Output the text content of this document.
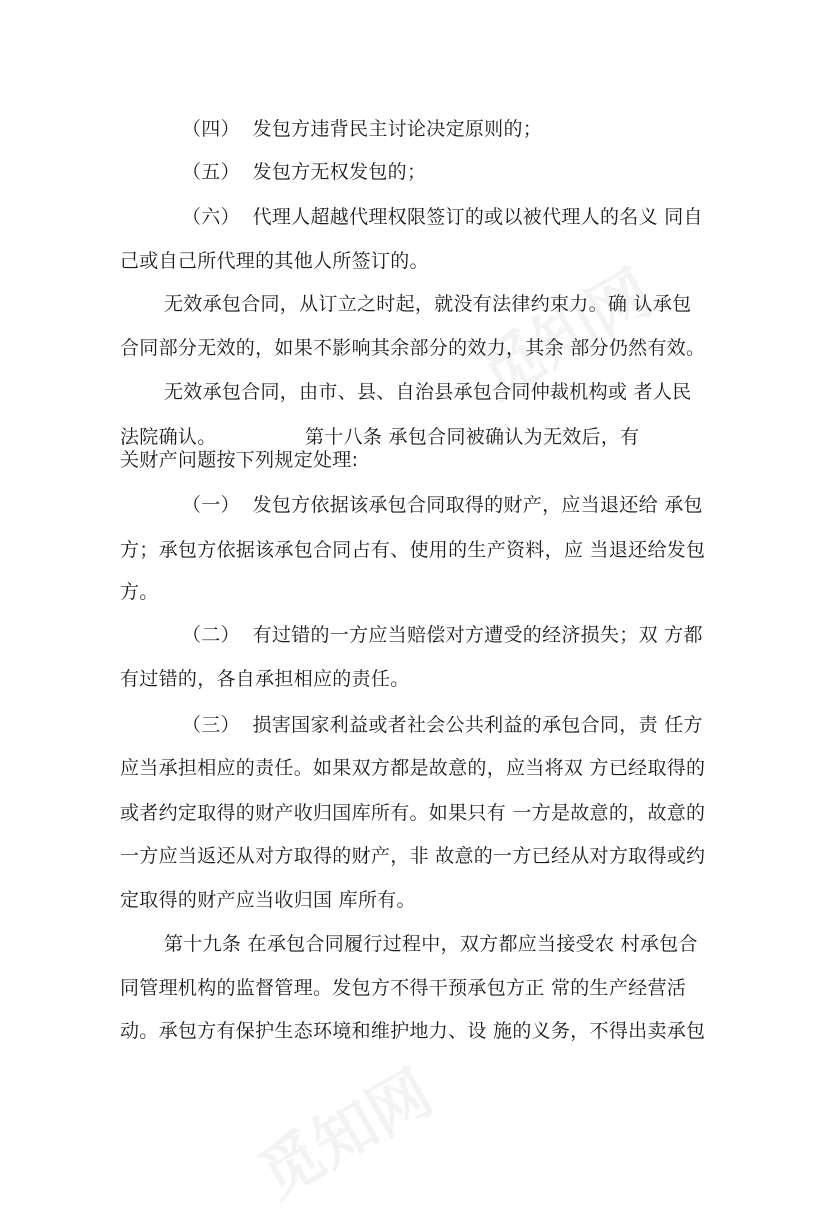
（四）  发包方违背民主讨论决定原则的；
（五）  发包方无权发包的；
（六）  代理人超越代理权限签订的或以被代理人的名义 同自
己或自己所代理的其他人所签订的。
无效承包合同，从订立之时起，就没有法律约束力。确 认承包
合同部分无效的，如果不影响其余部分的效力，其余 部分仍然有效。
无效承包合同，由市、县、自治县承包合同仲裁机构或 者人民
法院确认。	第十八条 承包合同被确认为无效后，有
关财产问题按下列规定处理:
（一）  发包方依据该承包合同取得的财产，应当退还给 承包
方；承包方依据该承包合同占有、使用的生产资料，应 当退还给发包
方。
（二）  有过错的一方应当赔偿对方遭受的经济损失；双 方都
有过错的，各自承担相应的责任。
（三）  损害国家利益或者社会公共利益的承包合同，责 任方
应当承担相应的责任。如果双方都是故意的，应当将双 方已经取得的
或者约定取得的财产收归国库所有。如果只有 一方是故意的，故意的
一方应当返还从对方取得的财产，非 故意的一方已经从对方取得或约
定取得的财产应当收归国 库所有。
第十九条 在承包合同履行过程中，双方都应当接受农 村承包合
同管理机构的监督管理。发包方不得干预承包方正 常的生产经营活
动。承包方有保护生态环境和维护地力、设 施的义务，不得出卖承包
